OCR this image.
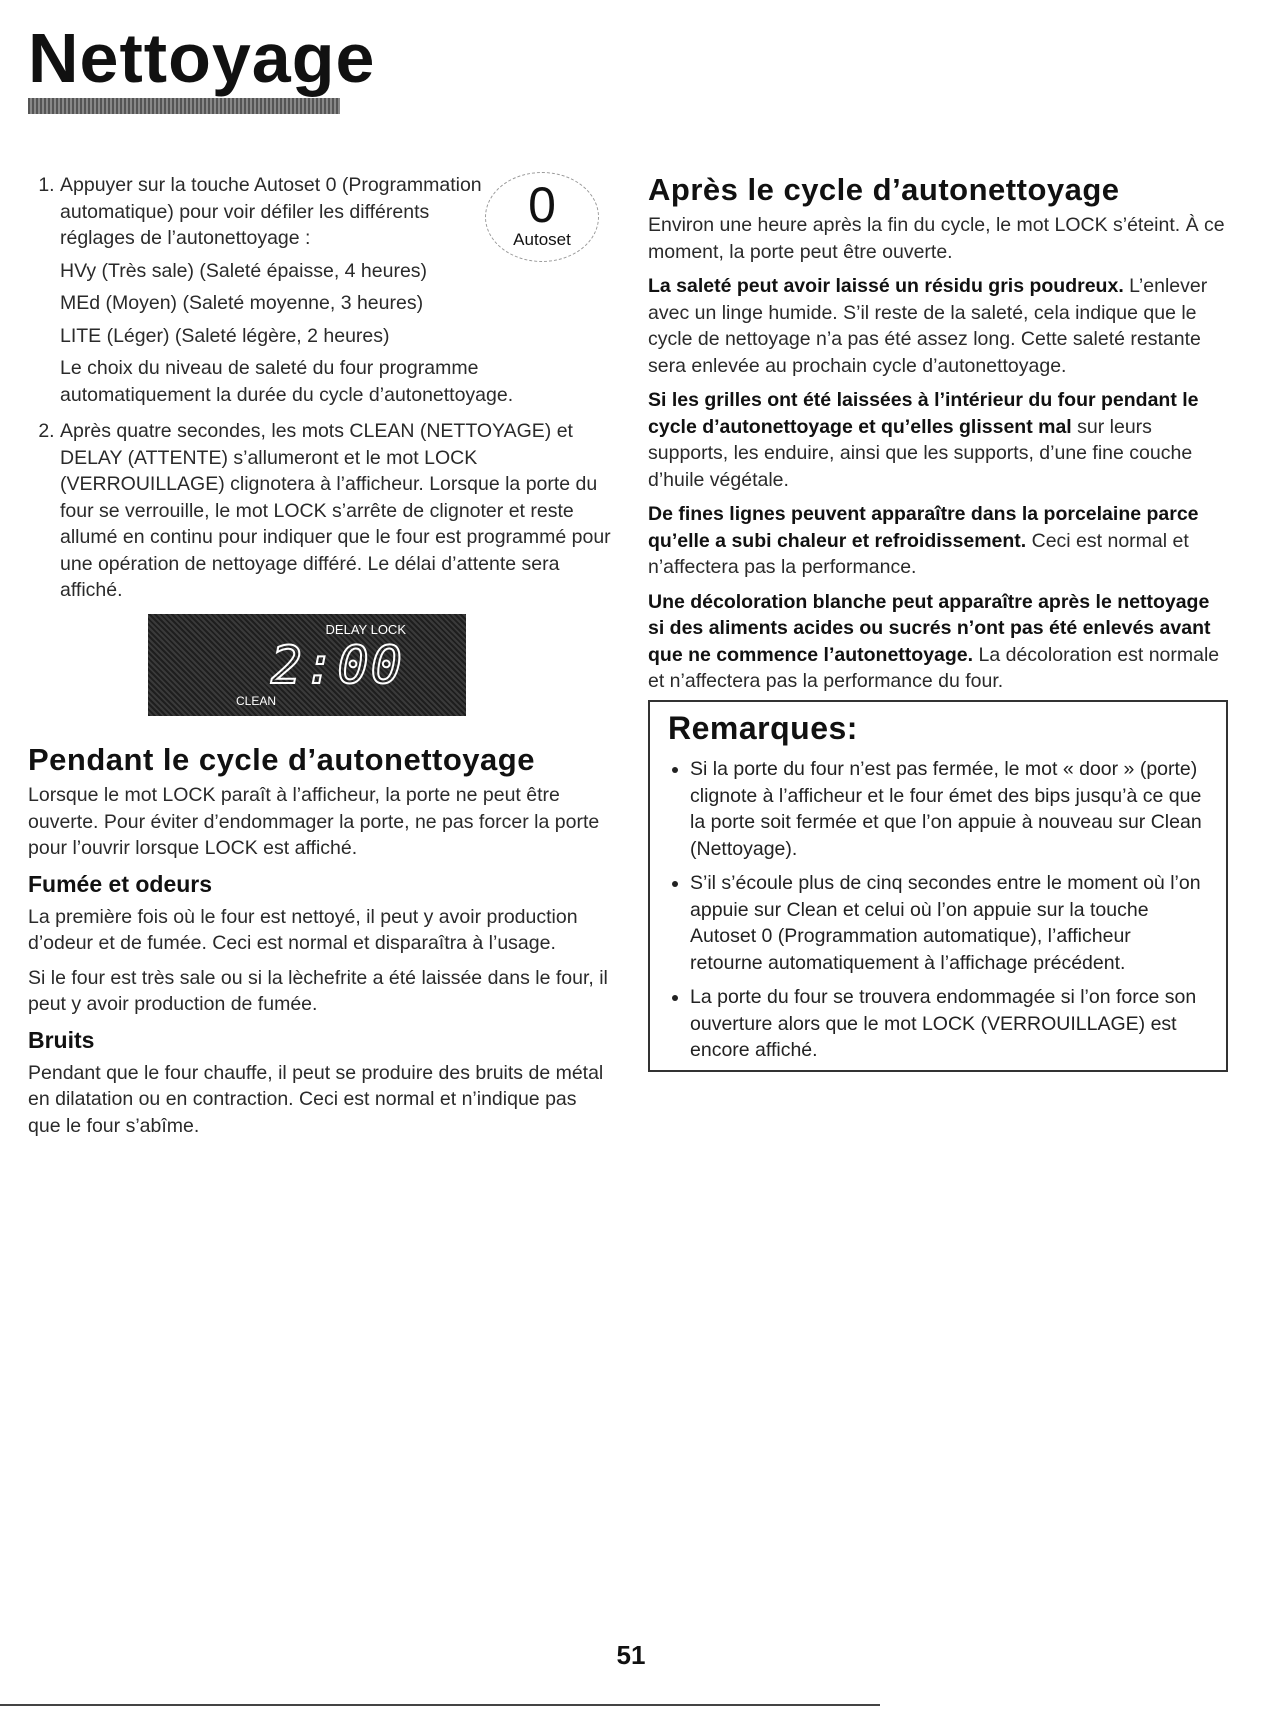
Nettoyage
0
Autoset
1. Appuyer sur la touche Autoset 0 (Programmation automatique) pour voir défiler les différents réglages de l’autonettoyage :

HVy (Très sale) (Saleté épaisse, 4 heures)

MEd (Moyen) (Saleté moyenne, 3 heures)

LITE (Léger) (Saleté légère, 2 heures)

Le choix du niveau de saleté du four programme automatiquement la durée du cycle d’autonettoyage.

2. Après quatre secondes, les mots CLEAN (NETTOYAGE) et DELAY (ATTENTE) s’allumeront et le mot LOCK (VERROUILLAGE) clignotera à l’afficheur. Lorsque la porte du four se verrouille, le mot LOCK s’arrête de clignoter et reste allumé en continu pour indiquer que le four est programmé pour une opération de nettoyage différé. Le délai d’attente sera affiché.
DELAY LOCK
2:00
CLEAN
Pendant le cycle d’autonettoyage

Lorsque le mot LOCK paraît à l’afficheur, la porte ne peut être ouverte. Pour éviter d’endommager la porte, ne pas forcer la porte pour l’ouvrir lorsque LOCK est affiché.

Fumée et odeurs

La première fois où le four est nettoyé, il peut y avoir production d’odeur et de fumée. Ceci est normal et disparaîtra à l’usage.

Si le four est très sale ou si la lèchefrite a été laissée dans le four, il peut y avoir production de fumée.

Bruits

Pendant que le four chauffe, il peut se produire des bruits de métal en dilatation ou en contraction. Ceci est normal et n’indique pas que le four s’abîme.

Après le cycle d’autonettoyage

Environ une heure après la fin du cycle, le mot LOCK s’éteint. À ce moment, la porte peut être ouverte.

La saleté peut avoir laissé un résidu gris poudreux. L’enlever avec un linge humide. S’il reste de la saleté, cela indique que le cycle de nettoyage n’a pas été assez long. Cette saleté restante sera enlevée au prochain cycle d’autonettoyage.

Si les grilles ont été laissées à l’intérieur du four pendant le cycle d’autonettoyage et qu’elles glissent mal sur leurs supports, les enduire, ainsi que les supports, d’une fine couche d’huile végétale.

De fines lignes peuvent apparaître dans la porcelaine parce qu’elle a subi chaleur et refroidissement. Ceci est normal et n’affectera pas la performance.

Une décoloration blanche peut apparaître après le nettoyage si des aliments acides ou sucrés n’ont pas été enlevés avant que ne commence l’autonettoyage. La décoloration est normale et n’affectera pas la performance du four.

Remarques:
• Si la porte du four n’est pas fermée, le mot « door » (porte) clignote à l’afficheur et le four émet des bips jusqu’à ce que la porte soit fermée et que l’on appuie à nouveau sur Clean (Nettoyage).
• S’il s’écoule plus de cinq secondes entre le moment où l’on appuie sur Clean et celui où l’on appuie sur la touche Autoset 0 (Programmation automatique), l’afficheur retourne automatiquement à l’affichage précédent.
• La porte du four se trouvera endommagée si l’on force son ouverture alors que le mot LOCK (VERROUILLAGE) est encore affiché.
51
